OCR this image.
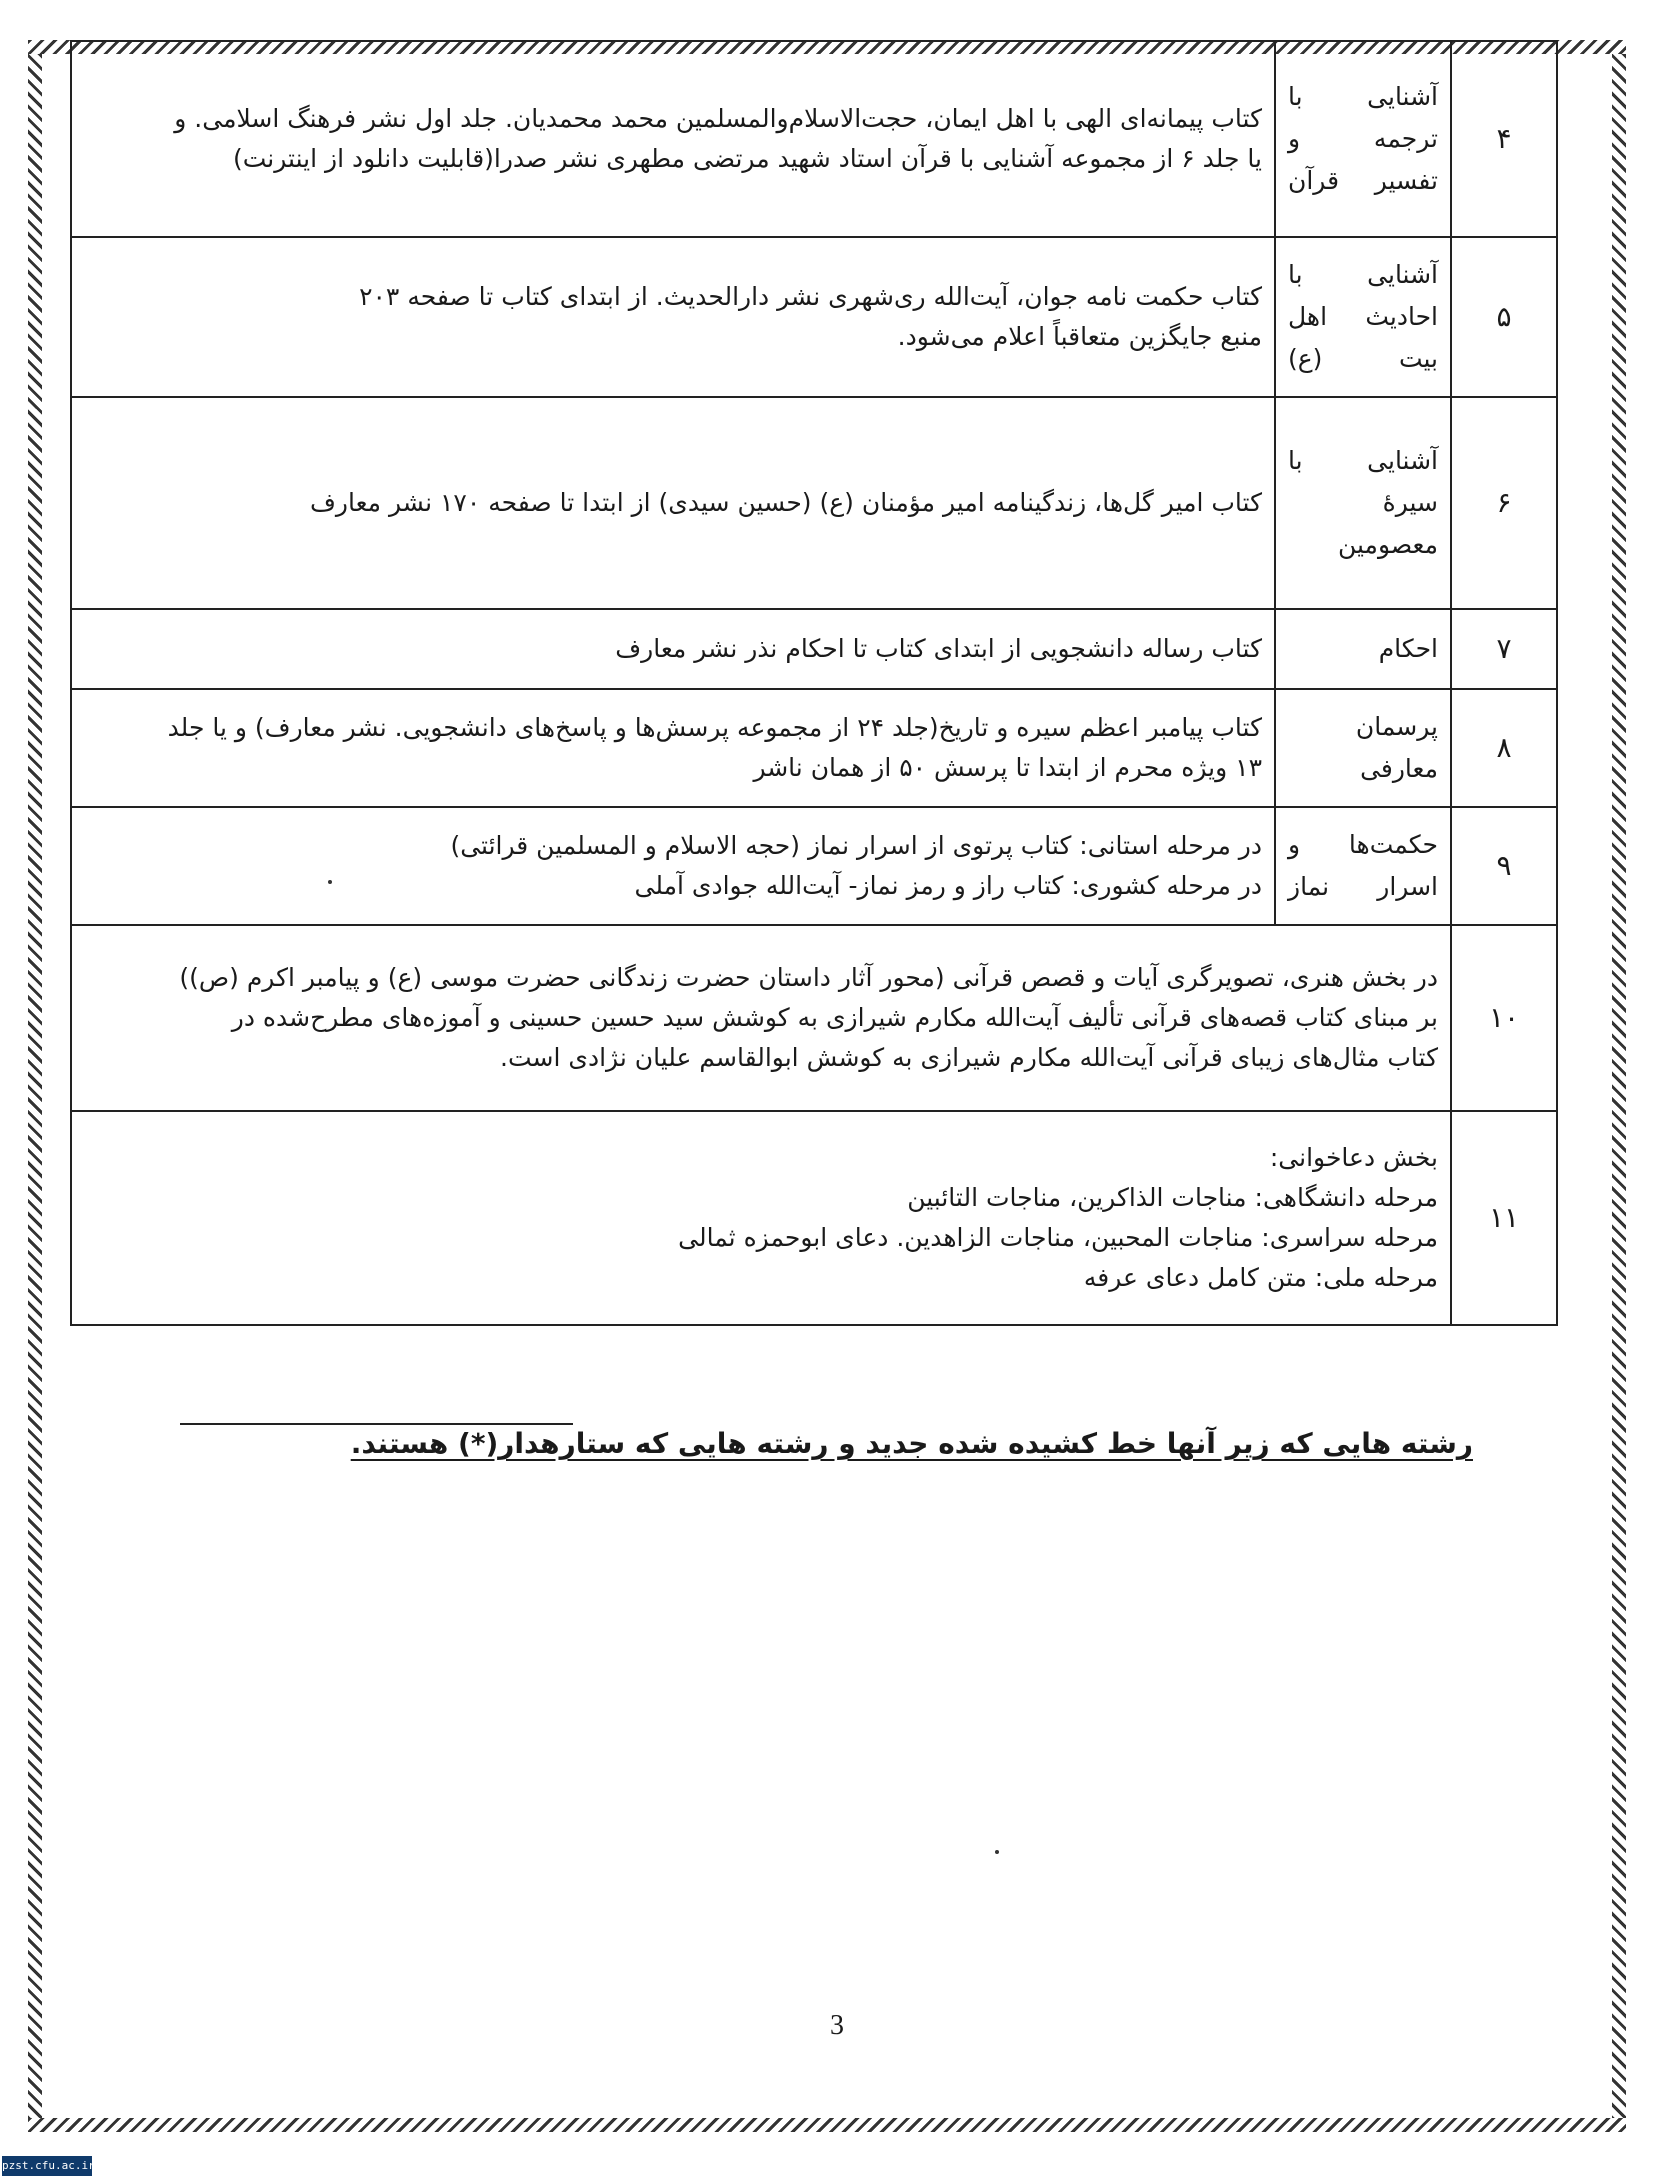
۴	آشنایی با
ترجمه و
تفسیر قرآن	کتاب پیمانه‌ای الهی با اهل ایمان، حجت‌الاسلام‌والمسلمین محمد محمدیان. جلد اول نشر فرهنگ اسلامی. و
یا جلد ۶ از مجموعه آشنایی با قرآن استاد شهید مرتضی مطهری نشر صدرا(قابلیت دانلود از اینترنت)

۵	آشنایی با
احادیث اهل
بیت (ع)	کتاب حکمت نامه جوان، آیت‌الله ری‌شهری نشر دارالحدیث. از ابتدای کتاب تا صفحه ۲۰۳
منبع جایگزین متعاقباً اعلام می‌شود.

۶	آشنایی با
سیرۀ
معصومین	کتاب امیر گل‌ها، زندگینامه امیر مؤمنان (ع) (حسین سیدی) از ابتدا تا صفحه ۱۷۰ نشر معارف

۷	احکام	کتاب رساله دانشجویی از ابتدای کتاب تا احکام نذر نشر معارف

۸	پرسمان
معارفی	کتاب پیامبر اعظم سیره و تاریخ(جلد ۲۴ از مجموعه پرسش‌ها و پاسخ‌های دانشجویی. نشر معارف) و یا جلد
۱۳ ویژه محرم از ابتدا تا پرسش ۵۰ از همان ناشر

۹	حکمت‌ها و
اسرار نماز	در مرحله استانی: کتاب پرتوی از اسرار نماز (حجه الاسلام و المسلمین قرائتی)
در مرحله کشوری: کتاب راز و رمز نماز- آیت‌الله جوادی آملی

۱۰	در بخش هنری، تصویرگری آیات و قصص قرآنی (محور آثار داستان حضرت زندگانی حضرت موسی (ع) و پیامبر اکرم (ص))
بر مبنای کتاب قصه‌های قرآنی تألیف آیت‌الله مکارم شیرازی به کوشش سید حسین حسینی و آموزه‌های مطرح‌شده در
کتاب مثال‌های زیبای قرآنی آیت‌الله مکارم شیرازی به کوشش ابوالقاسم علیان نژادی است.	

۱۱	بخش دعاخوانی:
مرحله دانشگاهی: مناجات الذاکرین، مناجات التائبین
مرحله سراسری: مناجات المحبین، مناجات الزاهدین. دعای ابوحمزه ثمالی
مرحله ملی: متن کامل دعای عرفه	
رشته هایی که زیر آنها خط کشیده شده جدید و رشته هایی که ستارهدار(*) هستند.
3
pzst.cfu.ac.ir
